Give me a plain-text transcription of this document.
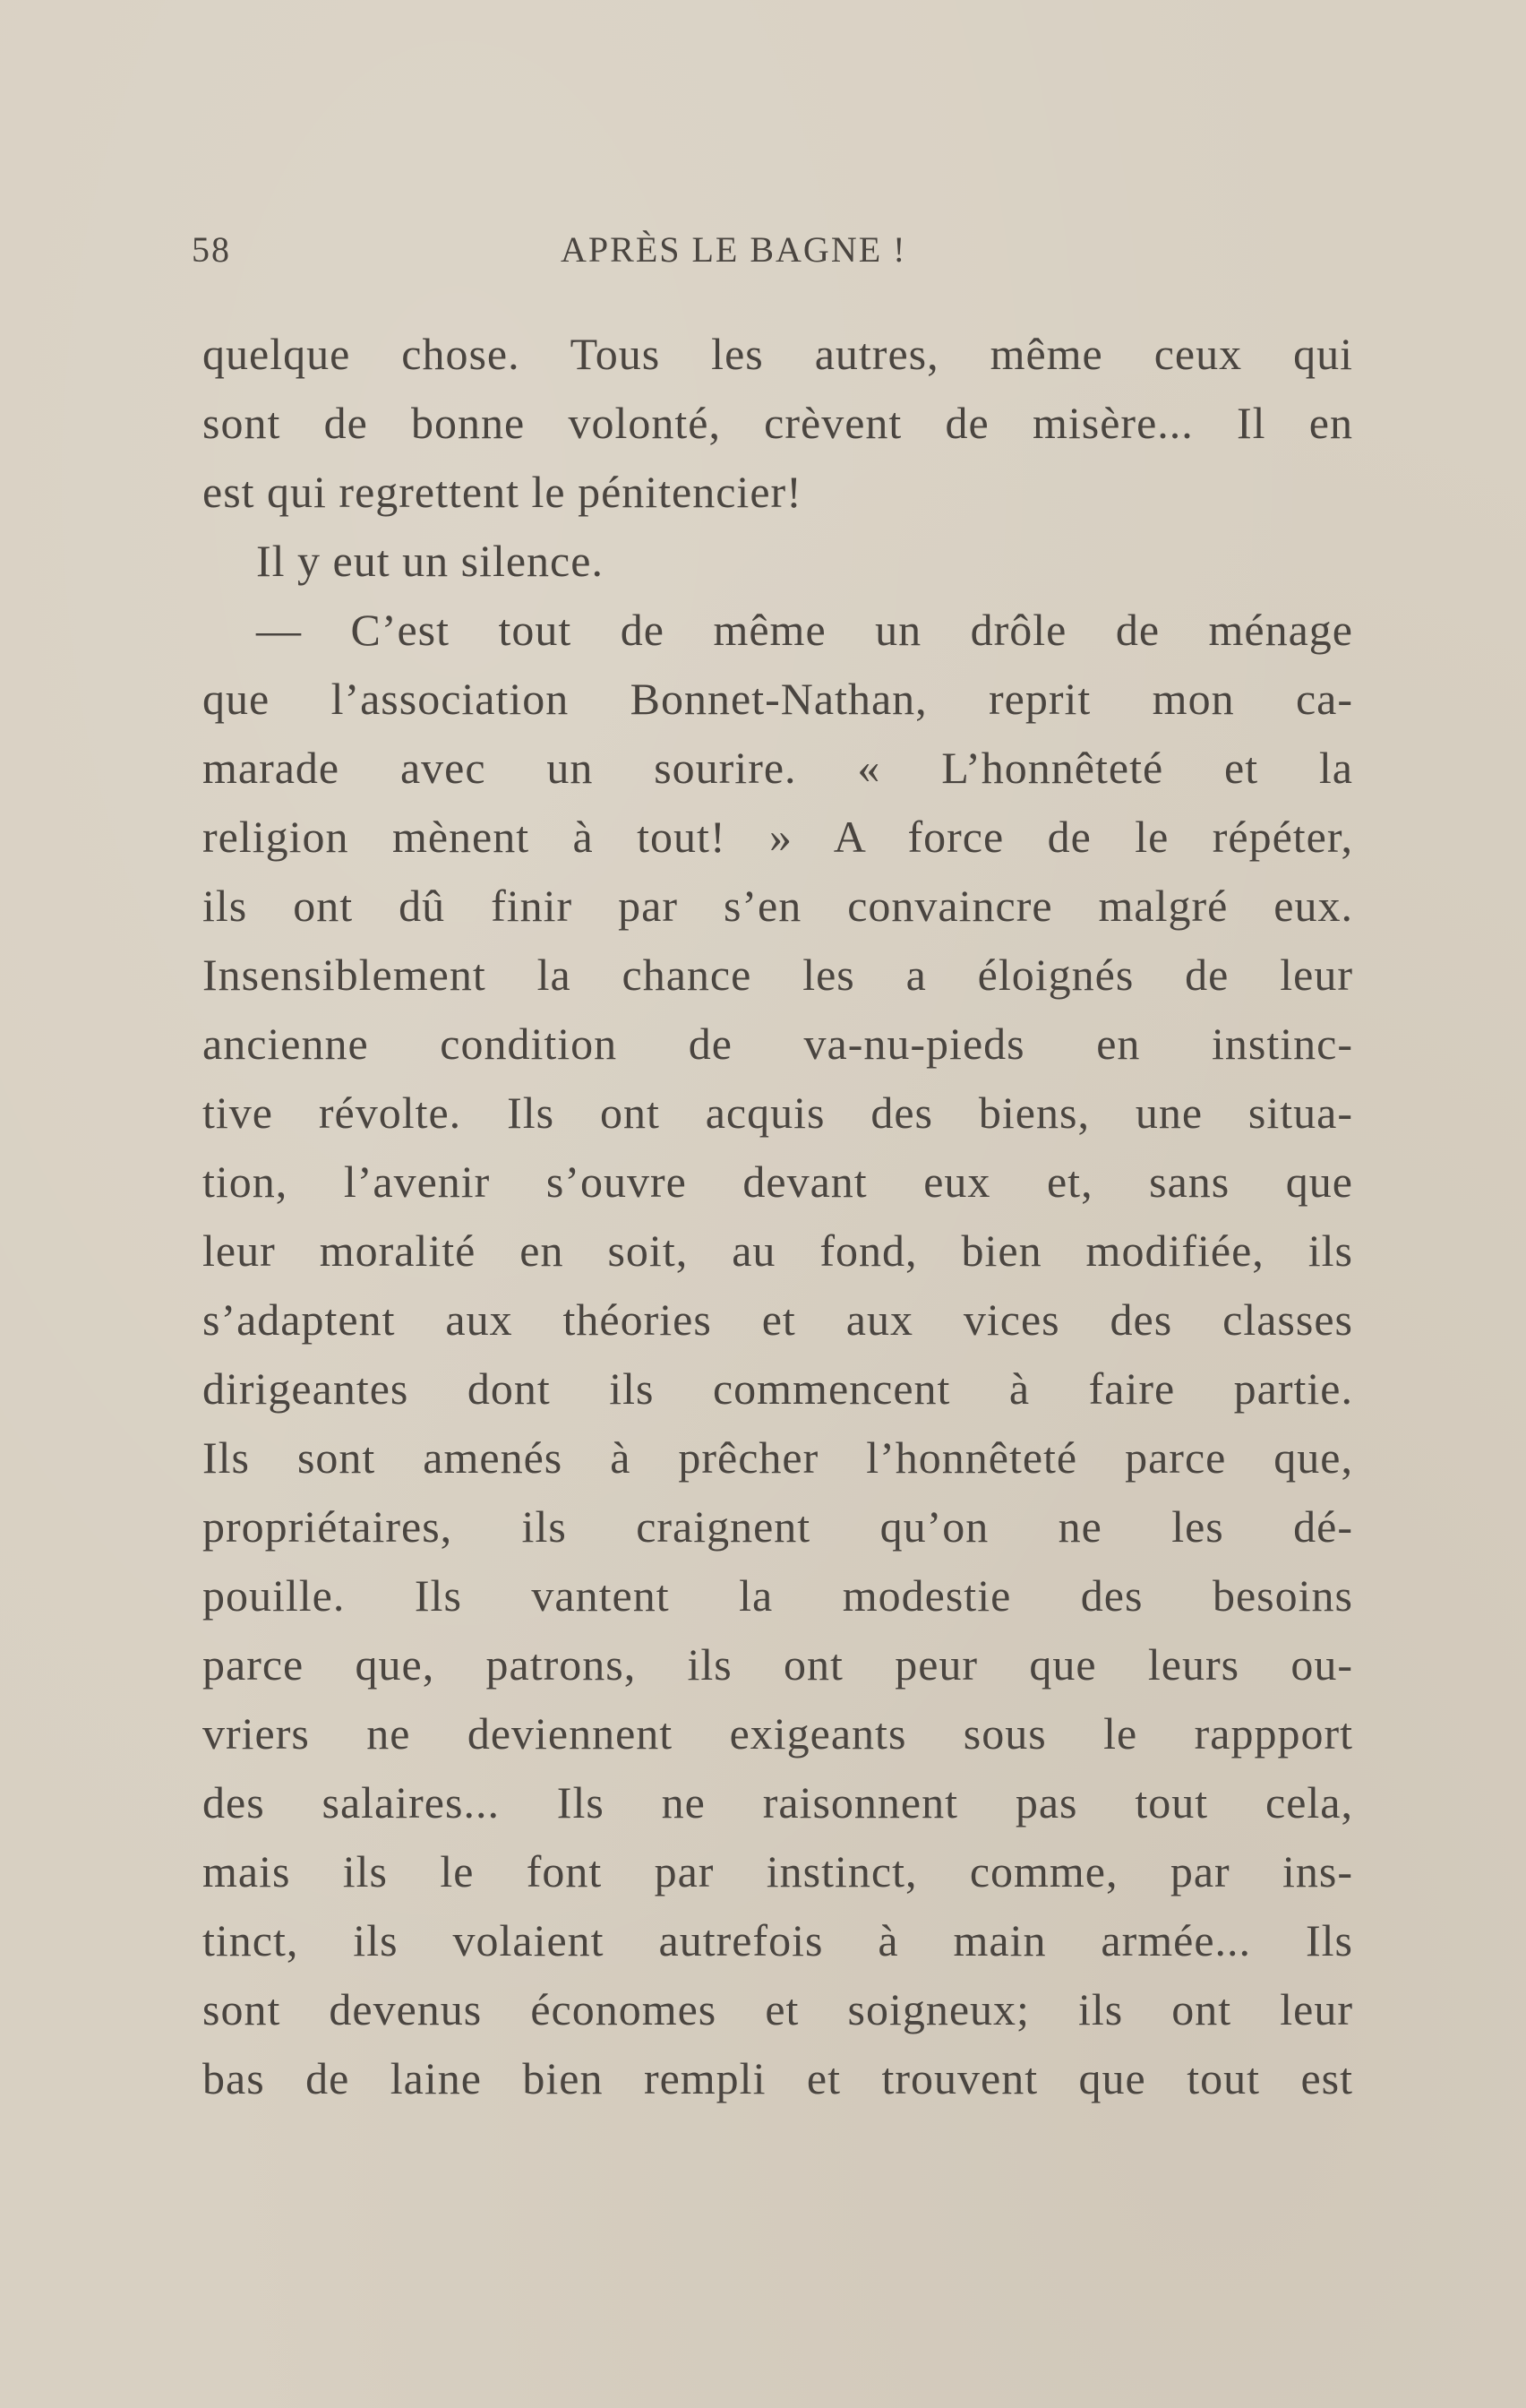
58	APRÈS LE BAGNE !
quelque chose. Tous les autres, même ceux qui
sont de bonne volonté, crèvent de misère... Il en
est qui regrettent le pénitencier!
Il y eut un silence.
— C’est tout de même un drôle de ménage
que l’association Bonnet-Nathan, reprit mon ca-
marade avec un sourire. « L’honnêteté et la
religion mènent à tout! » A force de le répéter,
ils ont dû finir par s’en convaincre malgré eux.
Insensiblement la chance les a éloignés de leur
ancienne condition de va-nu-pieds en instinc-
tive révolte. Ils ont acquis des biens, une situa-
tion, l’avenir s’ouvre devant eux et, sans que
leur moralité en soit, au fond, bien modifiée, ils
s’adaptent aux théories et aux vices des classes
dirigeantes dont ils commencent à faire partie.
Ils sont amenés à prêcher l’honnêteté parce que,
propriétaires, ils craignent qu’on ne les dé-
pouille. Ils vantent la modestie des besoins
parce que, patrons, ils ont peur que leurs ou-
vriers ne deviennent exigeants sous le rappport
des salaires... Ils ne raisonnent pas tout cela,
mais ils le font par instinct, comme, par ins-
tinct, ils volaient autrefois à main armée... Ils
sont devenus économes et soigneux; ils ont leur
bas de laine bien rempli et trouvent que tout est
